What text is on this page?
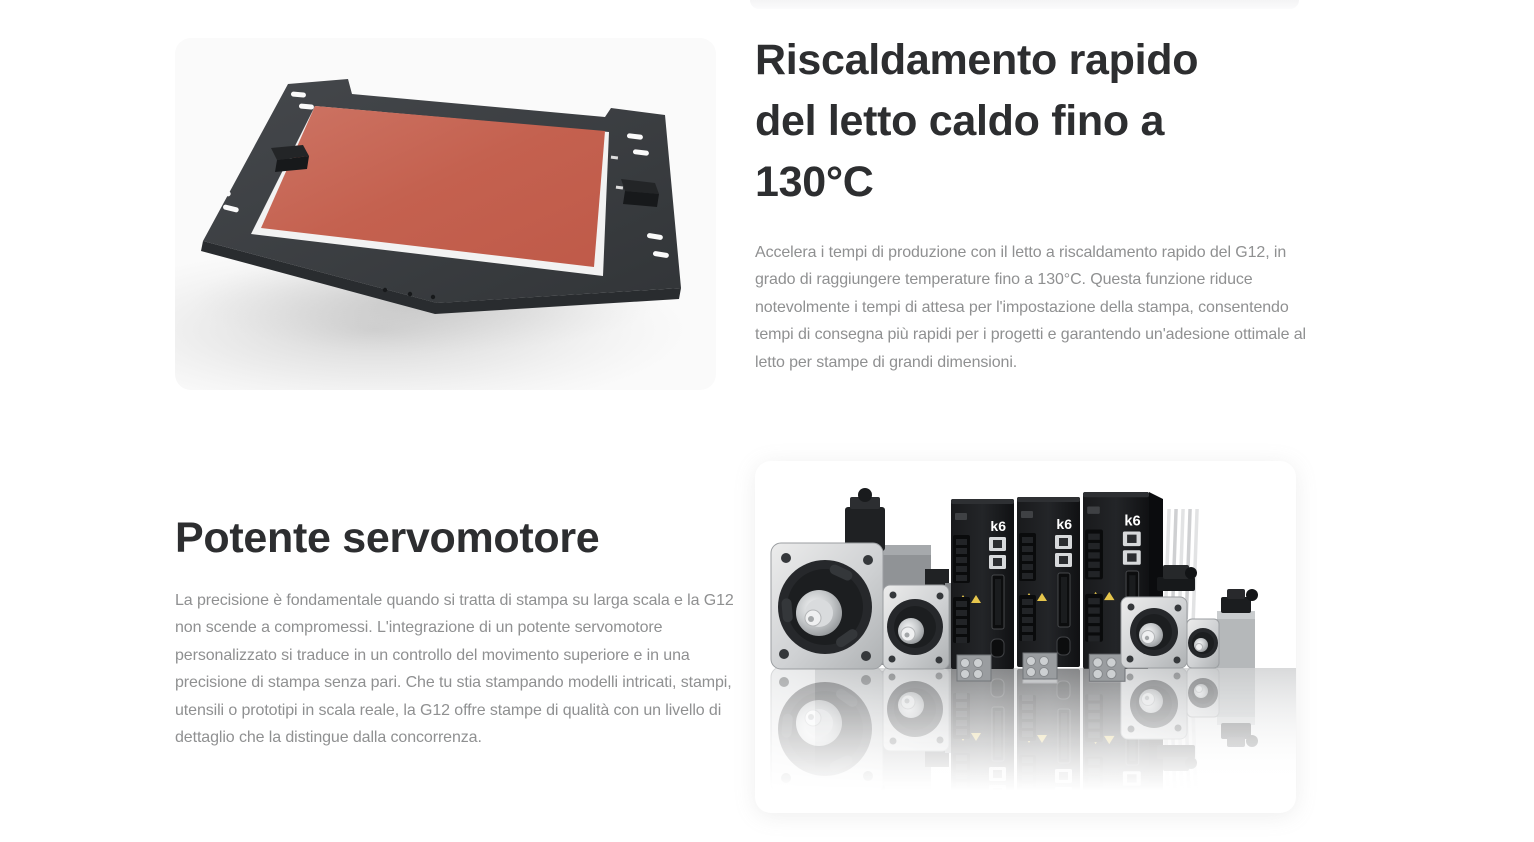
Riscaldamento rapido
del letto caldo fino a
130°C

Accelera i tempi di produzione con il letto a riscaldamento rapido del G12, in
grado di raggiungere temperature fino a 130°C. Questa funzione riduce
notevolmente i tempi di attesa per l'impostazione della stampa, consentendo
tempi di consegna più rapidi per i progetti e garantendo un'adesione ottimale al
letto per stampe di grandi dimensioni.

Potente servomotore

La precisione è fondamentale quando si tratta di stampa su larga scala e la G12
non scende a compromessi. L'integrazione di un potente servomotore
personalizzato si traduce in un controllo del movimento superiore e in una
precisione di stampa senza pari. Che tu stia stampando modelli intricati, stampi,
utensili o prototipi in scala reale, la G12 offre stampe di qualità con un livello di
dettaglio che la distingue dalla concorrenza.

k6
